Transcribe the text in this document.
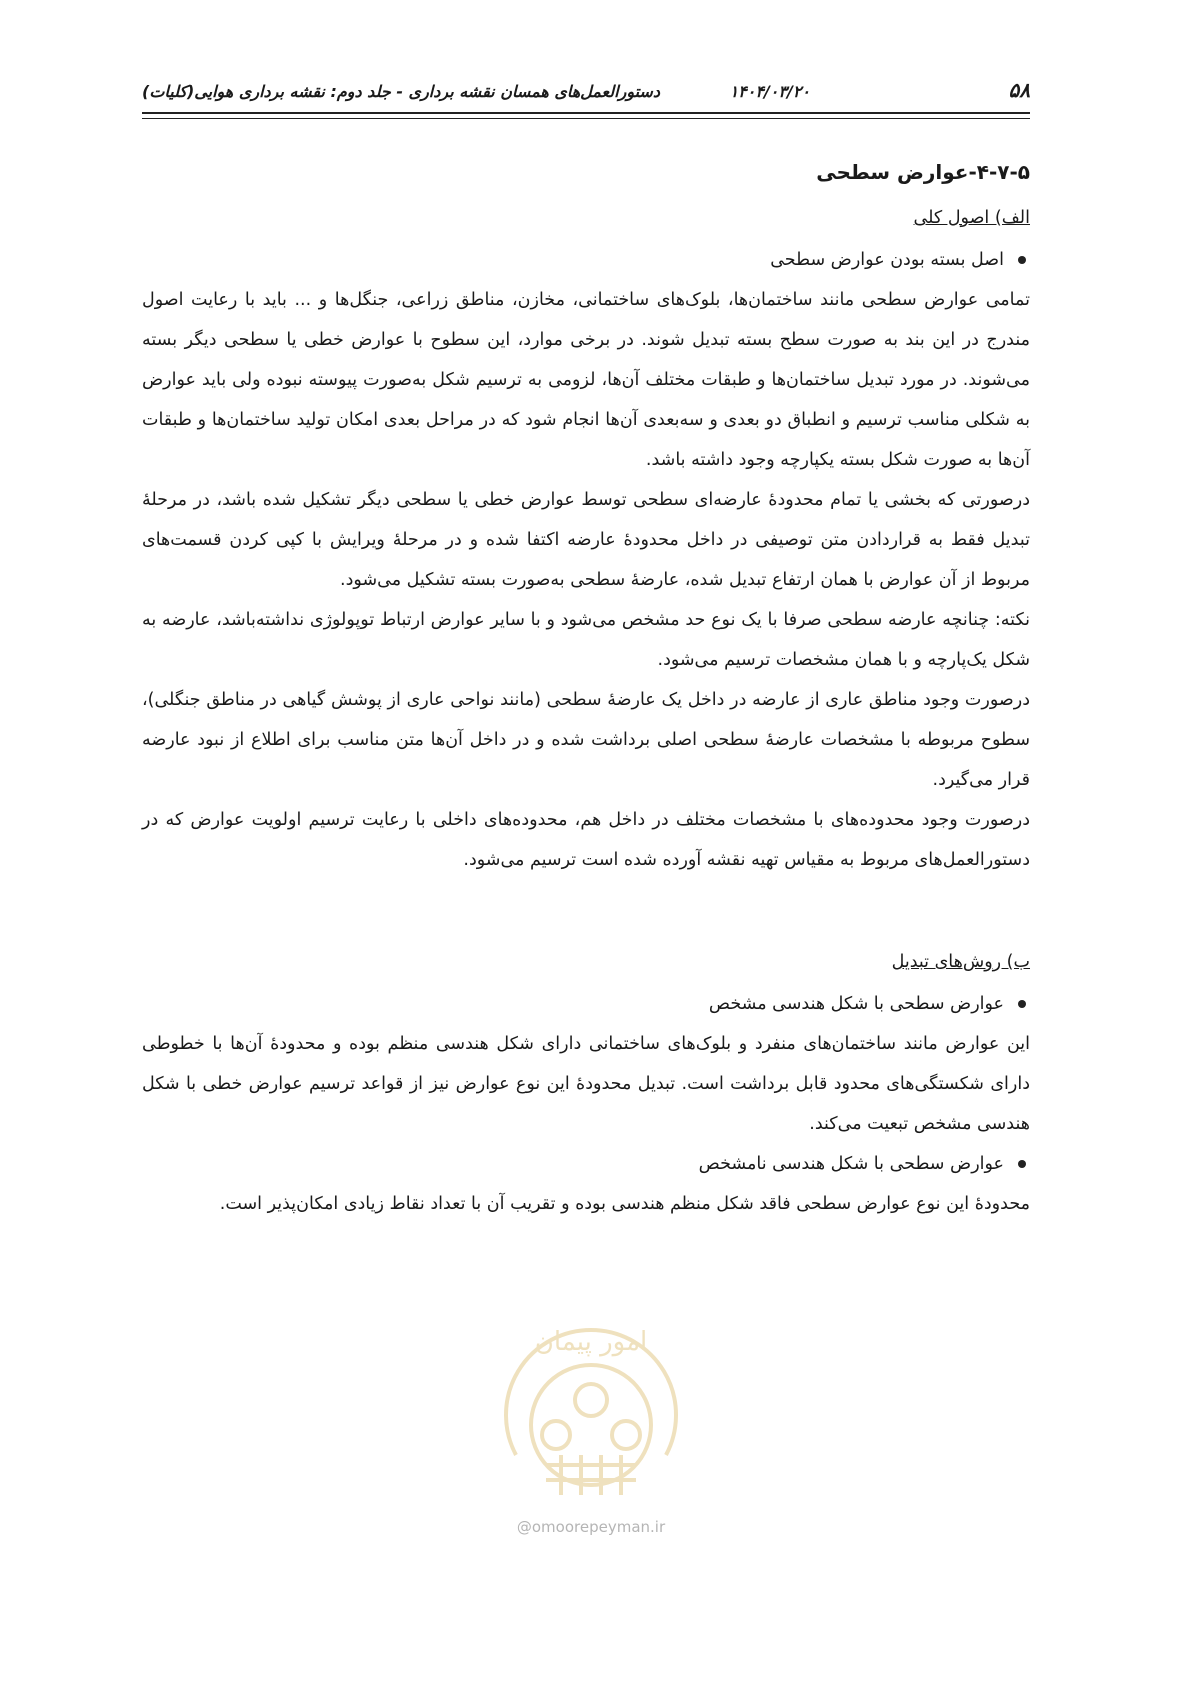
۵۸
۱۴۰۴/۰۳/۲۰
دستورالعمل‌های همسان نقشه برداری - جلد دوم: نقشه برداری هوایی(کلیات)
۴-۷-۵-عوارض سطحی
الف) اصول کلی
اصل بسته بودن عوارض سطحی

تمامی عوارض سطحی مانند ساختمان‌ها، بلوک‌های ساختمانی، مخازن، مناطق زراعی، جنگل‌ها و ... باید با رعایت اصول مندرج در این بند به صورت سطح بسته تبدیل شوند. در برخی موارد، این سطوح با عوارض خطی یا سطحی دیگر بسته می‌شوند. در مورد تبدیل ساختمان‌ها و طبقات مختلف آن‌ها، لزومی به ترسیم شکل به‌صورت پیوسته نبوده ولی باید عوارض به شکلی مناسب ترسیم و انطباق دو بعدی و سه‌بعدی آن‌ها انجام شود که در مراحل بعدی امکان تولید ساختمان‌ها و طبقات آن‌ها به صورت شکل بسته یکپارچه وجود داشته باشد.

درصورتی که بخشی یا تمام محدودهٔ عارضه‌ای سطحی توسط عوارض خطی یا سطحی دیگر تشکیل شده باشد، در مرحلهٔ تبدیل فقط به قراردادن متن توصیفی در داخل محدودهٔ عارضه اکتفا شده و در مرحلهٔ ویرایش با کپی کردن قسمت‌های مربوط از آن عوارض با همان ارتفاع تبدیل شده، عارضهٔ سطحی به‌صورت بسته تشکیل می‌شود.

نکته: چنانچه عارضه سطحی صرفا با یک نوع حد مشخص می‌شود و با سایر عوارض ارتباط توپولوژی نداشته‌باشد، عارضه به شکل یک‌پارچه و با همان مشخصات ترسیم می‌شود.

درصورت وجود مناطق عاری از عارضه در داخل یک عارضهٔ سطحی (مانند نواحی عاری از پوشش گیاهی در مناطق جنگلی)، سطوح مربوطه با مشخصات عارضهٔ سطحی اصلی برداشت شده و در داخل آن‌ها متن مناسب برای اطلاع از نبود عارضه قرار می‌گیرد.

درصورت وجود محدوده‌های با مشخصات مختلف در داخل هم، محدوده‌های داخلی با رعایت ترسیم اولویت عوارض که در دستورالعمل‌های مربوط به مقیاس تهیه نقشه آورده شده است ترسیم می‌شود.

ب) روش‌های تبدیل
عوارض سطحی با شکل هندسی مشخص

این عوارض مانند ساختمان‌های منفرد و بلوک‌های ساختمانی دارای شکل هندسی منظم بوده و محدودهٔ آن‌ها با خطوطی دارای شکستگی‌های محدود قابل برداشت است. تبدیل محدودهٔ این نوع عوارض نیز از قواعد ترسیم عوارض خطی با شکل هندسی مشخص تبعیت می‌کند.

عوارض سطحی با شکل هندسی نامشخص

محدودهٔ این نوع عوارض سطحی فاقد شکل منظم هندسی بوده و تقریب آن با تعداد نقاط زیادی امکان‌پذیر است.

امور پیمان
@omoorepeyman.ir
